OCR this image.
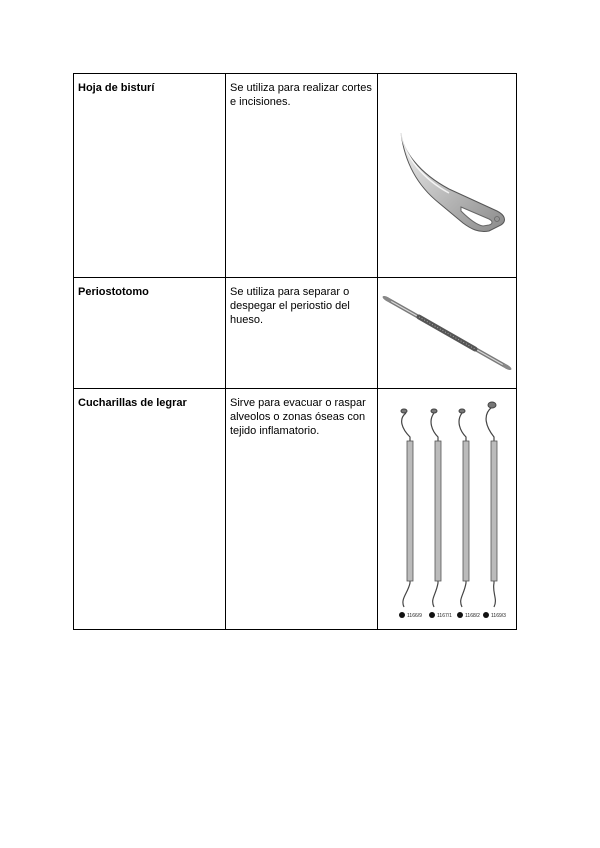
Hoja de bisturí	Se utiliza para realizar cortes e incisiones.	

Periostotomo	Se utiliza para separar o despegar el periostio del hueso.	

Cucharillas de legrar	Sirve para evacuar o raspar alveolos o zonas óseas con tejido inflamatorio.	1166/9 1167/1 1168/2 1169/3
